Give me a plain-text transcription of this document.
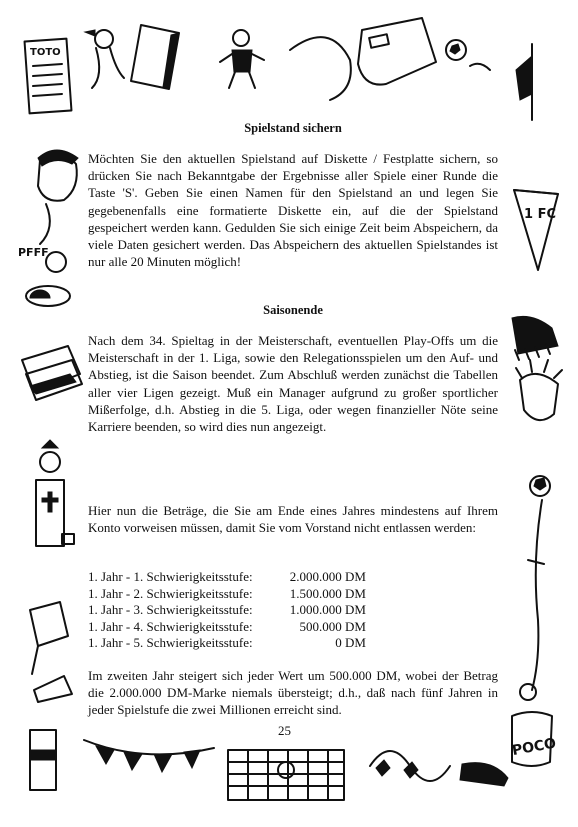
TOTO
PFFF
1 FC
POCO
Spielstand sichern

Möchten Sie den aktuellen Spielstand auf Diskette / Festplatte sichern, so drücken Sie nach Bekanntgabe der Ergebnisse aller Spiele einer Runde die Taste 'S'. Geben Sie einen Namen für den Spielstand an und legen Sie gegebenenfalls eine formatierte Diskette ein, auf die der Spielstand gespeichert werden kann. Gedulden Sie sich einige Zeit beim Abspeichern, da viele Daten gesichert werden. Das Abspeichern des aktuellen Spielstandes ist nur alle 20 Minuten möglich!

Saisonende

Nach dem 34. Spieltag in der Meisterschaft, eventuellen Play-Offs um die Meisterschaft in der 1. Liga, sowie den Relegationsspielen um den Auf- und Abstieg, ist die Saison beendet. Zum Abschluß werden zunächst die Tabellen aller vier Ligen gezeigt. Muß ein Manager aufgrund zu großer sportlicher Mißerfolge, d.h. Abstieg in die 5. Liga, oder wegen finanzieller Nöte seine Karriere beenden, so wird dies nun angezeigt.

Hier nun die Beträge, die Sie am Ende eines Jahres mindestens auf Ihrem Konto vorweisen müssen, damit Sie vom Vorstand nicht entlassen werden:

1. Jahr - 1. Schwierigkeitsstufe:	2.000.000 DM
1. Jahr - 2. Schwierigkeitsstufe:	1.500.000 DM
1. Jahr - 3. Schwierigkeitsstufe:	1.000.000 DM
1. Jahr - 4. Schwierigkeitsstufe:	500.000 DM
1. Jahr - 5. Schwierigkeitsstufe:	0 DM

Im zweiten Jahr steigert sich jeder Wert um 500.000 DM, wobei der Betrag die 2.000.000 DM-Marke niemals übersteigt; d.h., daß nach fünf Jahren in jeder Spielstufe die zwei Millionen erreicht sind.

25
